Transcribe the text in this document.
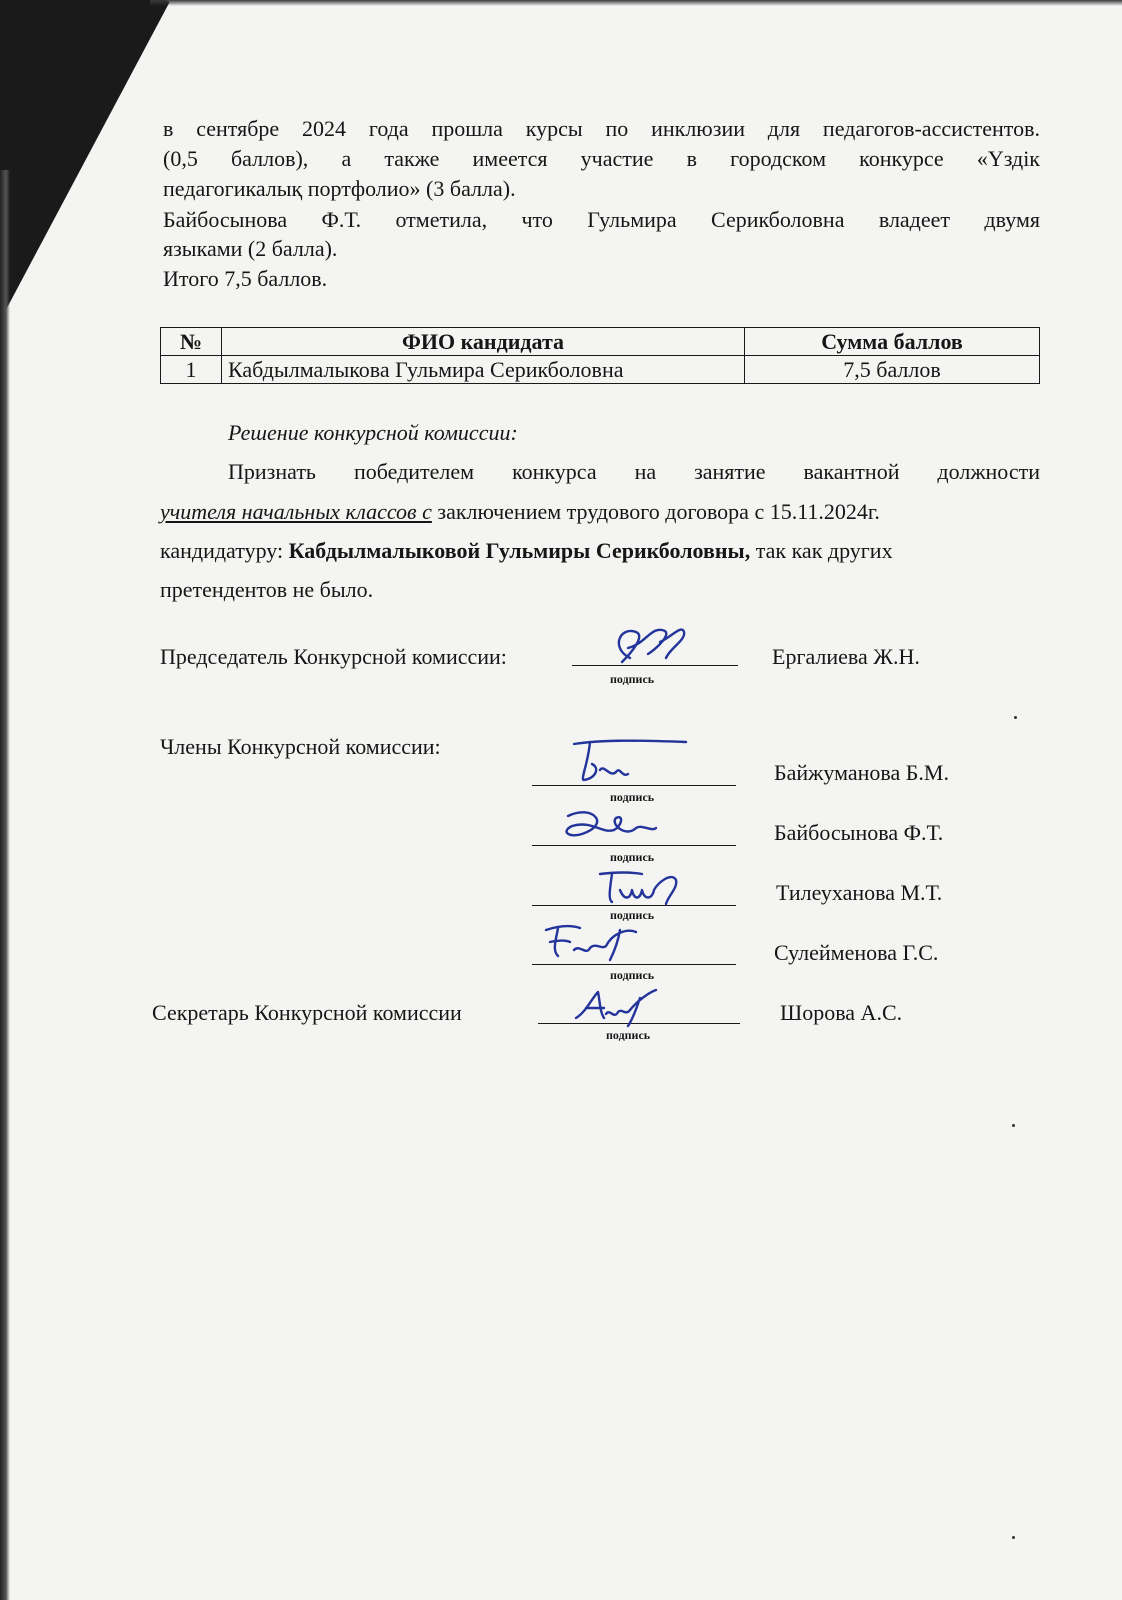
в сентябре 2024 года прошла курсы по инклюзии для педагогов-ассистентов.
(0,5 баллов), а также имеется участие в городском конкурсе «Үздік
педагогикалық портфолио» (3 балла).
Байбосынова Ф.Т. отметила, что Гульмира Серикболовна владеет двумя
языками (2 балла).
Итого 7,5 баллов.
№	ФИО кандидата	Сумма баллов
1	Кабдылмалыкова Гульмира Серикболовна	7,5 баллов
Решение конкурсной комиссии:
Признать победителем конкурса на занятие вакантной должности
учителя начальных классов с заключением трудового договора с 15.11.2024г.
кандидатуру: Кабдылмалыковой Гульмиры Серикболовны, так как других
претендентов не было.
Председатель Конкурсной комиссии:
подпись
Ергалиева Ж.Н.
Члены Конкурсной комиссии:
подпись
Байжуманова Б.М.
подпись
Байбосынова Ф.Т.
подпись
Тилеуханова М.Т.
подпись
Сулейменова Г.С.
Секретарь Конкурсной комиссии
подпись
Шорова А.С.
